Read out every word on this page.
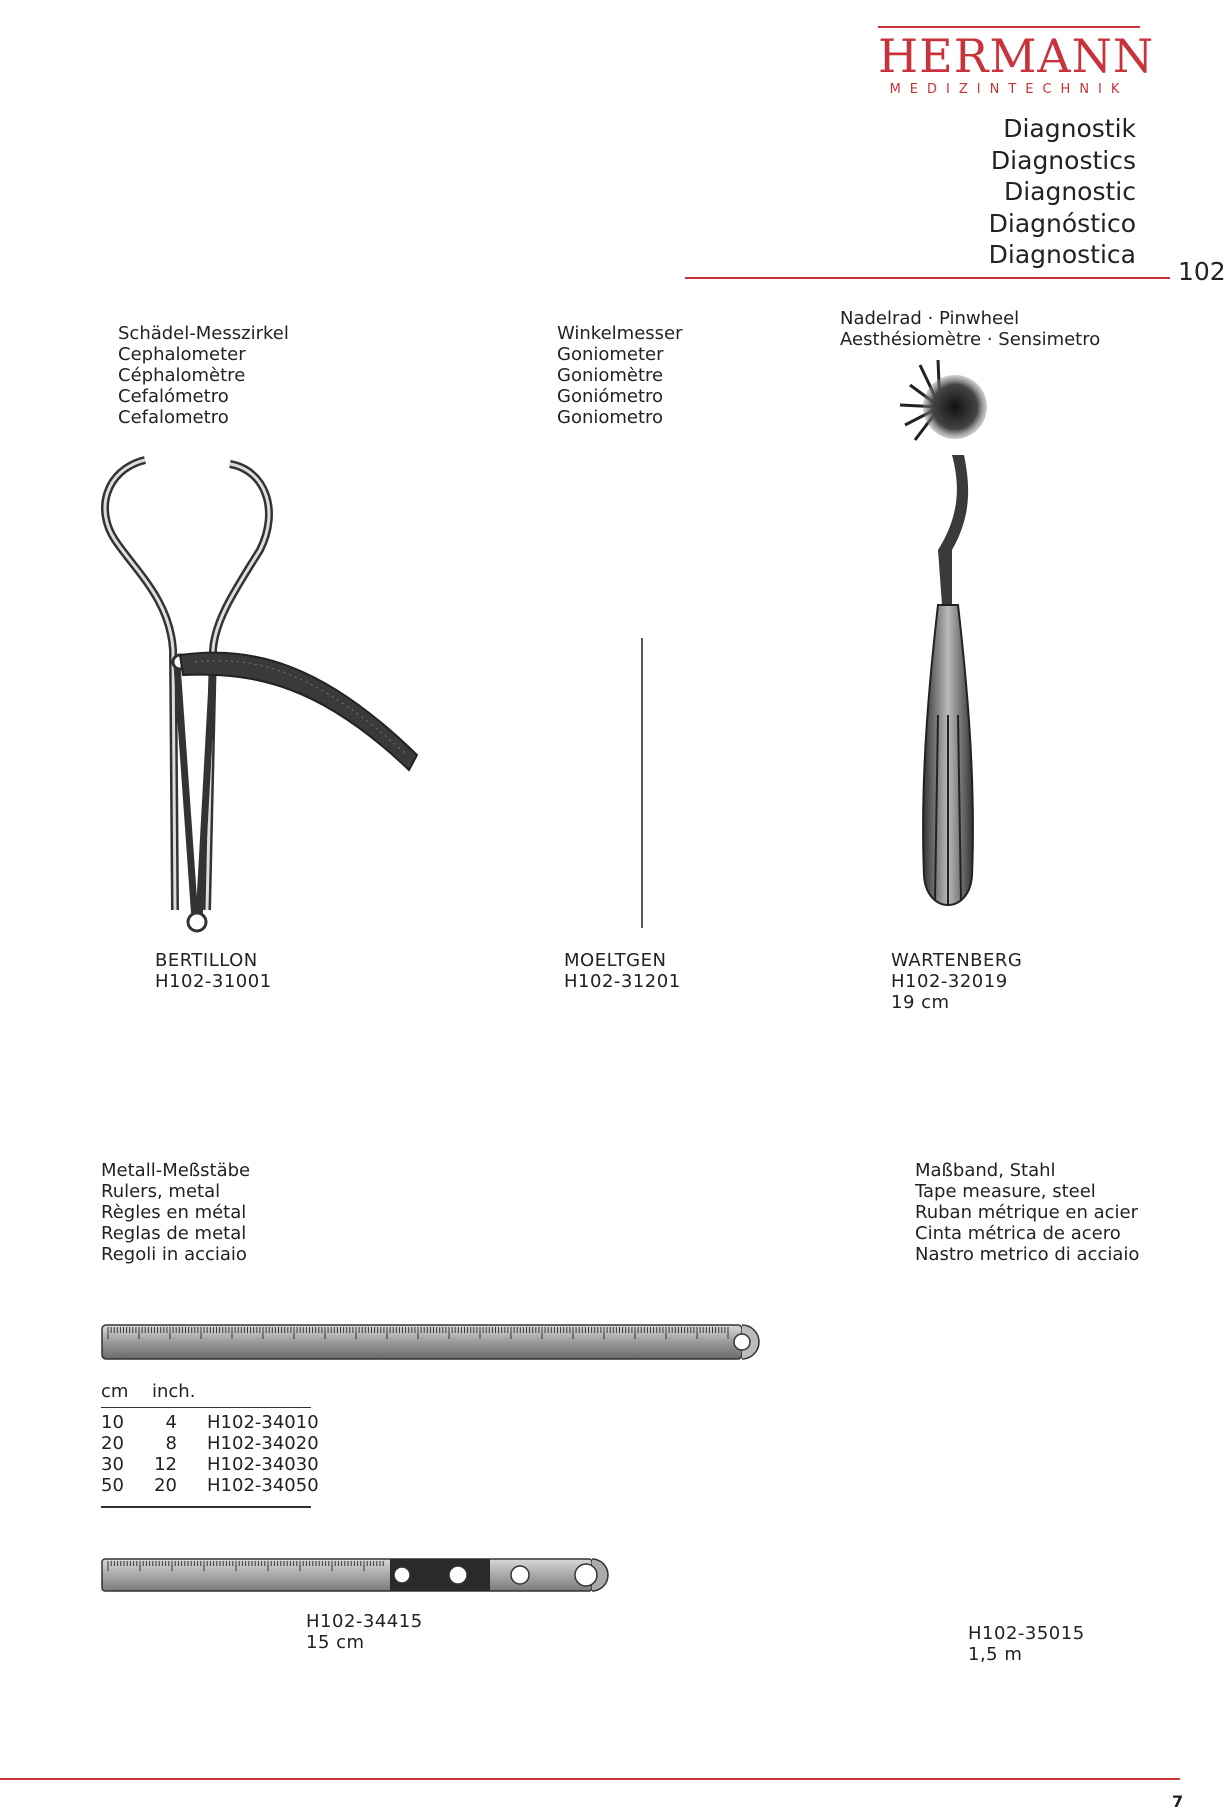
HERMANN
MEDIZINTECHNIK
Diagnostik
Diagnostics
Diagnostic
Diagnóstico
Diagnostica
102
Schädel-Messzirkel
Cephalometer
Céphalomètre
Cefalómetro
Cefalometro
Winkelmesser
Goniometer
Goniomètre
Goniómetro
Goniometro
Nadelrad · Pinwheel
Aesthésiomètre · Sensimetro
BERTILLON
H102-31001
MOELTGEN
H102-31201
WARTENBERG
H102-32019
19 cm
Metall-Meßstäbe
Rulers, metal
Règles en métal
Reglas de metal
Regoli in acciaio
Maßband, Stahl
Tape measure, steel
Ruban métrique en acier
Cinta métrica de acero
Nastro metrico di acciaio
cm inch.
10	4	H102-34010
20	8	H102-34020
30	12	H102-34030
50	20	H102-34050
H102-34415
15 cm	H102-35015
1,5 m
7
